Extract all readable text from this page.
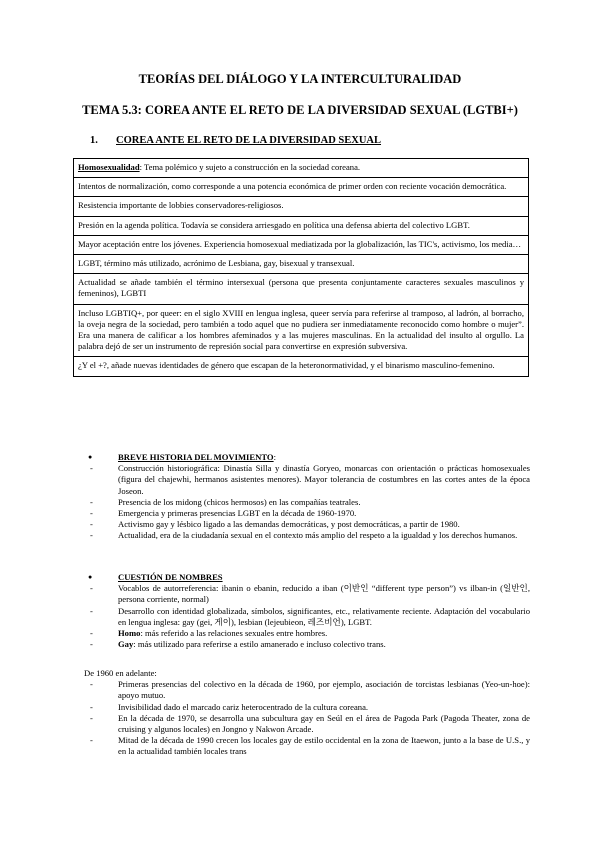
TEORÍAS DEL DIÁLOGO Y LA INTERCULTURALIDAD
TEMA 5.3: COREA ANTE EL RETO DE LA DIVERSIDAD SEXUAL (LGTBI+)
1. COREA ANTE EL RETO DE LA DIVERSIDAD SEXUAL
Homosexualidad: Tema polémico y sujeto a construcción en la sociedad coreana.
Intentos de normalización, como corresponde a una potencia económica de primer orden con reciente vocación democrática.
Resistencia importante de lobbies conservadores-religiosos.
Presión en la agenda política. Todavía se considera arriesgado en política una defensa abierta del colectivo LGBT.
Mayor aceptación entre los jóvenes. Experiencia homosexual mediatizada por la globalización, las TIC's, activismo, los media…
LGBT, término más utilizado, acrónimo de Lesbiana, gay, bisexual y transexual.
Actualidad se añade también el término intersexual (persona que presenta conjuntamente caracteres sexuales masculinos y femeninos), LGBTI
Incluso LGBTIQ+, por queer: en el siglo XVIII en lengua inglesa, queer servía para referirse al tramposo, al ladrón, al borracho, la oveja negra de la sociedad, pero también a todo aquel que no pudiera ser inmediatamente reconocido como hombre o mujer”. Era una manera de calificar a los hombres afeminados y a las mujeres masculinas. En la actualidad del insulto al orgullo. La palabra dejó de ser un instrumento de represión social para convertirse en expresión subversiva.
¿Y el +?, añade nuevas identidades de género que escapan de la heteronormatividad, y el binarismo masculino-femenino.
●	BREVE HISTORIA DEL MOVIMIENTO :
-	Construcción historiográfica: Dinastía Silla y dinastía Goryeo, monarcas con orientación o prácticas homosexuales (figura del chajewhi, hermanos asistentes menores). Mayor tolerancia de costumbres en las cortes antes de la época Joseon.
-	Presencia de los midong (chicos hermosos) en las compañías teatrales.
-	Emergencia y primeras presencias LGBT en la década de 1960-1970.
-	Activismo gay y lésbico ligado a las demandas democráticas, y post democráticas, a partir de 1980.
-	Actualidad, era de la ciudadanía sexual en el contexto más amplio del respeto a la igualdad y los derechos humanos.
●	CUESTIÓN DE NOMBRES
-	Vocablos de autorreferencia: ibanin o ebanin, reducido a iban (이반인 “different type person”) vs ilban-in (일반인, persona corriente, normal)
-	Desarrollo con identidad globalizada, símbolos, significantes, etc., relativamente reciente. Adaptación del vocabulario en lengua inglesa: gay (gei, 게이), lesbian (lejeubieon, 레즈비언), LGBT.
-	Homo: más referido a las relaciones sexuales entre hombres.
-	Gay: más utilizado para referirse a estilo amanerado e incluso colectivo trans.
De 1960 en adelante:
-	Primeras presencias del colectivo en la década de 1960, por ejemplo, asociación de torcistas lesbianas (Yeo-un-hoe): apoyo mutuo.
-	Invisibilidad dado el marcado cariz heterocentrado de la cultura coreana.
-	En la década de 1970, se desarrolla una subcultura gay en Seúl en el área de Pagoda Park (Pagoda Theater, zona de cruising y algunos locales) en Jongno y Nakwon Arcade.
-	Mitad de la década de 1990 crecen los locales gay de estilo occidental en la zona de Itaewon, junto a la base de U.S., y en la actualidad también locales trans
